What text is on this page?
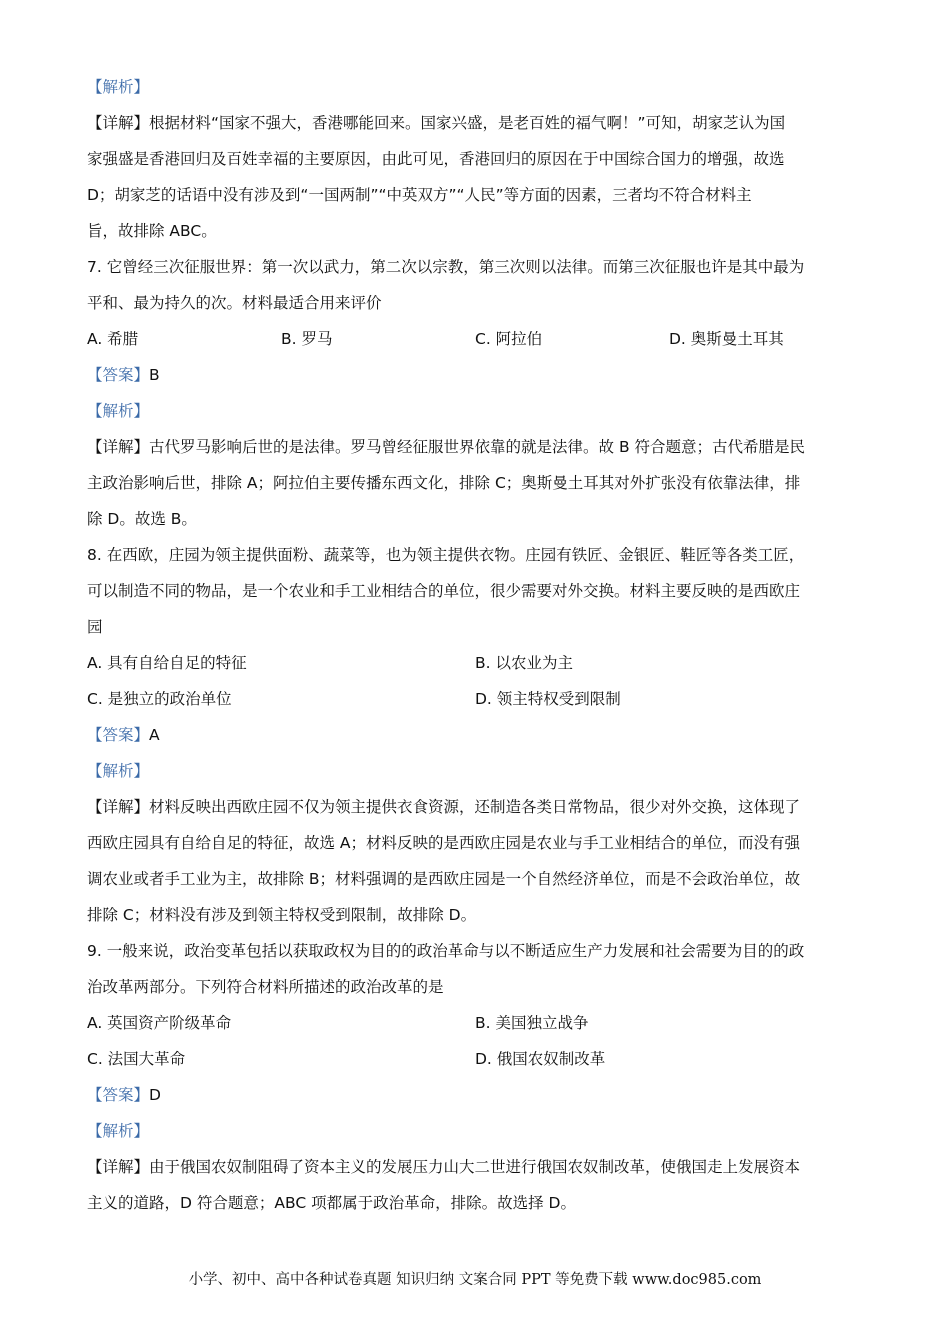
【解析】
【详解】根据材料“国家不强大，香港哪能回来。国家兴盛，是老百姓的福气啊！”可知，胡家芝认为国
家强盛是香港回归及百姓幸福的主要原因，由此可见，香港回归的原因在于中国综合国力的增强，故选
D；胡家芝的话语中没有涉及到“一国两制”“中英双方”“人民”等方面的因素，三者均不符合材料主
旨，故排除 ABC。
7. 它曾经三次征服世界：第一次以武力，第二次以宗教，第三次则以法律。而第三次征服也许是其中最为
平和、最为持久的次。材料最适合用来评价
A. 希腊	B. 罗马	C. 阿拉伯	D. 奥斯曼土耳其
【答案】B
【解析】
【详解】古代罗马影响后世的是法律。罗马曾经征服世界依靠的就是法律。故 B 符合题意；古代希腊是民
主政治影响后世，排除 A；阿拉伯主要传播东西文化，排除 C；奥斯曼土耳其对外扩张没有依靠法律，排
除 D。故选 B。
8. 在西欧，庄园为领主提供面粉、蔬菜等，也为领主提供衣物。庄园有铁匠、金银匠、鞋匠等各类工匠，
可以制造不同的物品，是一个农业和手工业相结合的单位，很少需要对外交换。材料主要反映的是西欧庄
园
A. 具有自给自足的特征	B. 以农业为主
C. 是独立的政治单位	D. 领主特权受到限制
【答案】A
【解析】
【详解】材料反映出西欧庄园不仅为领主提供衣食资源，还制造各类日常物品，很少对外交换，这体现了
西欧庄园具有自给自足的特征，故选 A；材料反映的是西欧庄园是农业与手工业相结合的单位，而没有强
调农业或者手工业为主，故排除 B；材料强调的是西欧庄园是一个自然经济单位，而是不会政治单位，故
排除 C；材料没有涉及到领主特权受到限制，故排除 D。
9. 一般来说，政治变革包括以获取政权为目的的政治革命与以不断适应生产力发展和社会需要为目的的政
治改革两部分。下列符合材料所描述的政治改革的是
A. 英国资产阶级革命	B. 美国独立战争
C. 法国大革命	D. 俄国农奴制改革
【答案】D
【解析】
【详解】由于俄国农奴制阻碍了资本主义的发展压力山大二世进行俄国农奴制改革，使俄国走上发展资本
主义的道路，D 符合题意；ABC 项都属于政治革命，排除。故选择 D。
小学、初中、高中各种试卷真题 知识归纳 文案合同 PPT 等免费下载 www.doc985.com
